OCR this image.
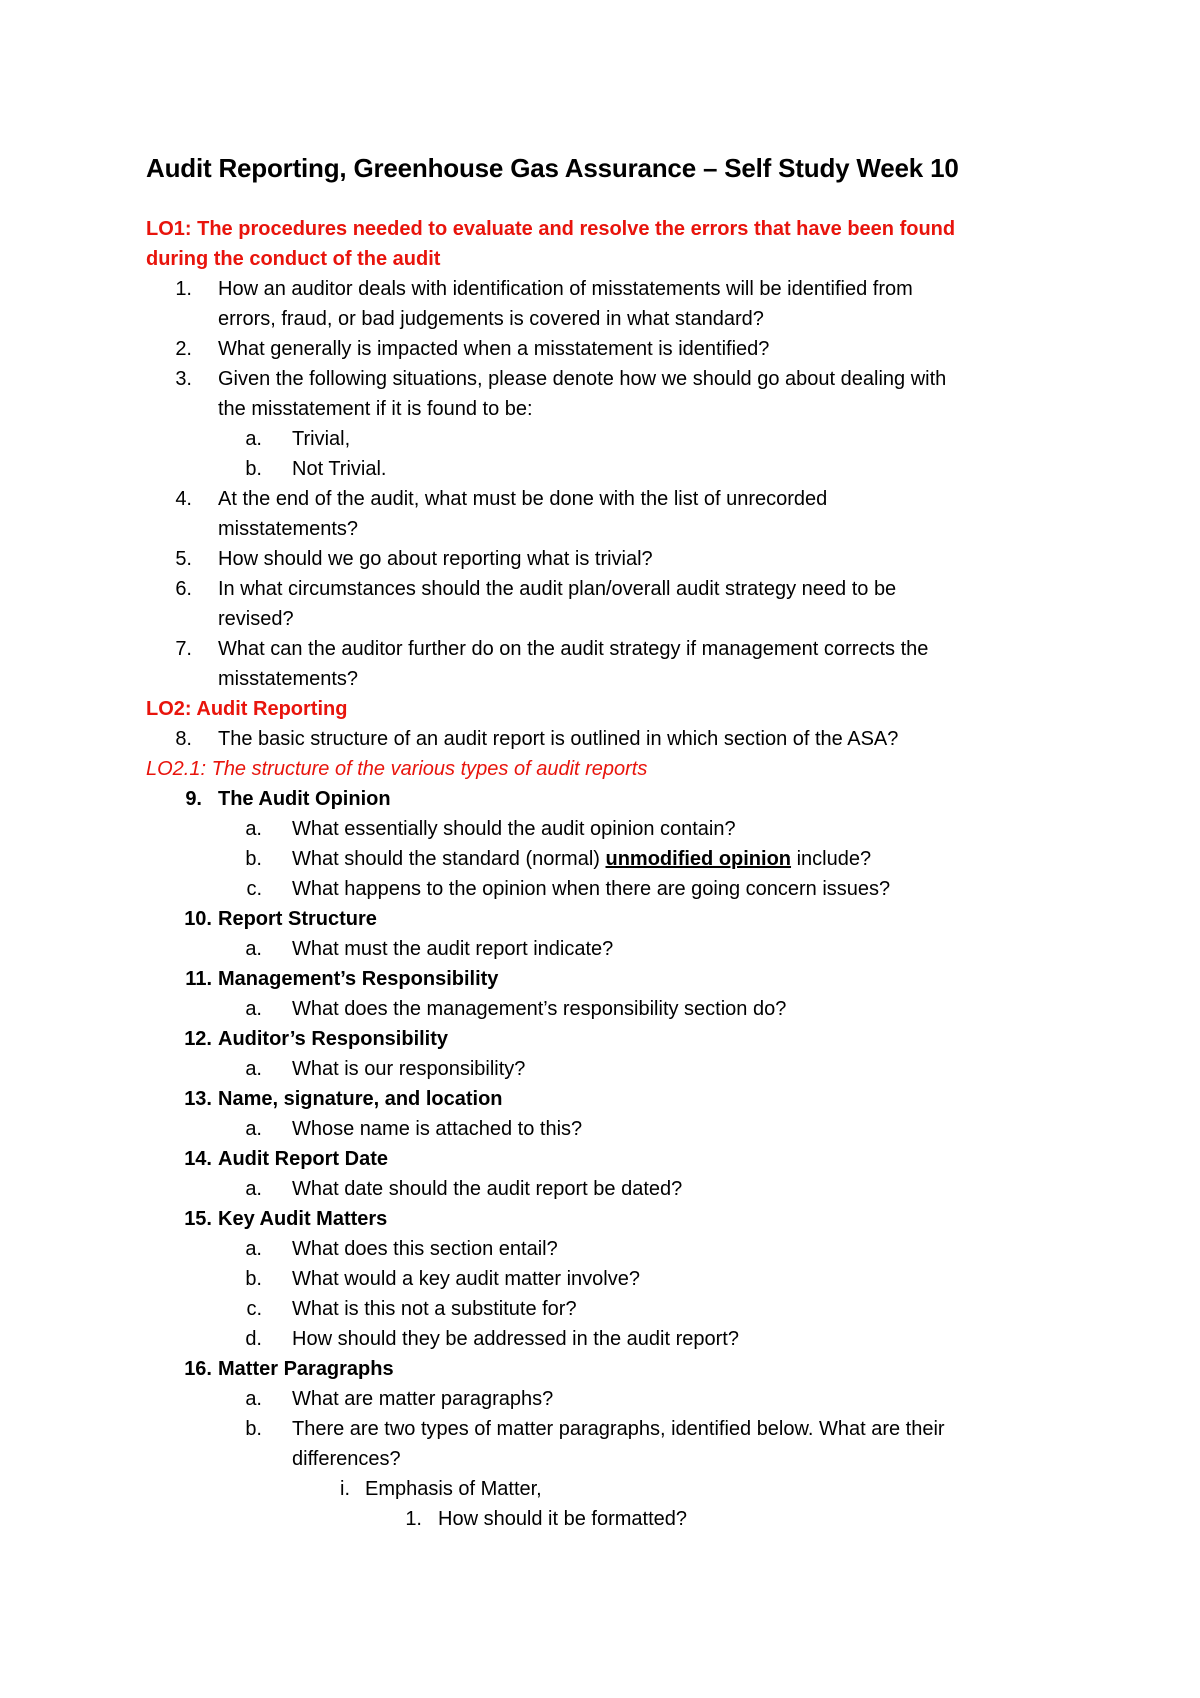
Audit Reporting, Greenhouse Gas Assurance – Self Study Week 10
LO1: The procedures needed to evaluate and resolve the errors that have been found
during the conduct of the audit
1. How an auditor deals with identification of misstatements will be identified from
errors, fraud, or bad judgements is covered in what standard?
2. What generally is impacted when a misstatement is identified?
3. Given the following situations, please denote how we should go about dealing with
the misstatement if it is found to be:
a. Trivial,
b. Not Trivial.
4. At the end of the audit, what must be done with the list of unrecorded
misstatements?
5. How should we go about reporting what is trivial?
6. In what circumstances should the audit plan/overall audit strategy need to be
revised?
7. What can the auditor further do on the audit strategy if management corrects the
misstatements?
LO2: Audit Reporting
8. The basic structure of an audit report is outlined in which section of the ASA?
LO2.1: The structure of the various types of audit reports
9. The Audit Opinion
a. What essentially should the audit opinion contain?
b. What should the standard (normal) unmodified opinion include?
c. What happens to the opinion when there are going concern issues?
10. Report Structure
a. What must the audit report indicate?
11. Management’s Responsibility
a. What does the management’s responsibility section do?
12. Auditor’s Responsibility
a. What is our responsibility?
13. Name, signature, and location
a. Whose name is attached to this?
14. Audit Report Date
a. What date should the audit report be dated?
15. Key Audit Matters
a. What does this section entail?
b. What would a key audit matter involve?
c. What is this not a substitute for?
d. How should they be addressed in the audit report?
16. Matter Paragraphs
a. What are matter paragraphs?
b. There are two types of matter paragraphs, identified below. What are their
differences?
i. Emphasis of Matter,
1. How should it be formatted?
